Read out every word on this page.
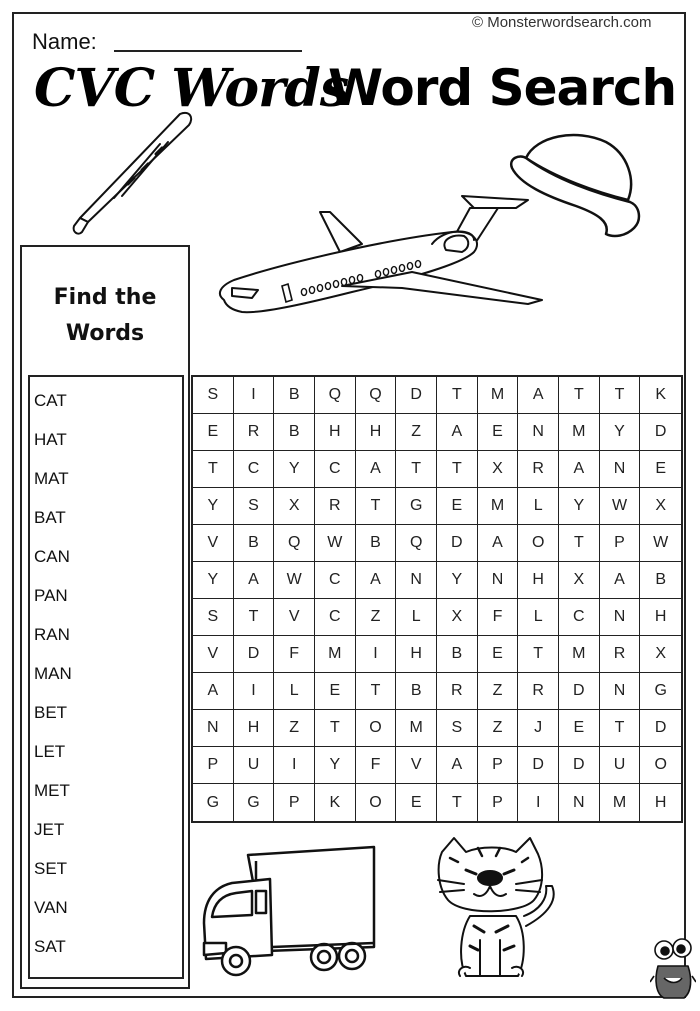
© Monsterwordsearch.com
Name:
CVC Words
Word Search
Find the
Words
CAT
HAT
MAT
BAT
CAN
PAN
RAN
MAN
BET
LET
MET
JET
SET
VAN
SAT
S	I	B	Q	Q	D	T	M	A	T	T	K
E	R	B	H	H	Z	A	E	N	M	Y	D
T	C	Y	C	A	T	T	X	R	A	N	E
Y	S	X	R	T	G	E	M	L	Y	W	X
V	B	Q	W	B	Q	D	A	O	T	P	W
Y	A	W	C	A	N	Y	N	H	X	A	B
S	T	V	C	Z	L	X	F	L	C	N	H
V	D	F	M	I	H	B	E	T	M	R	X
A	I	L	E	T	B	R	Z	R	D	N	G
N	H	Z	T	O	M	S	Z	J	E	T	D
P	U	I	Y	F	V	A	P	D	D	U	O
G	G	P	K	O	E	T	P	I	N	M	H
